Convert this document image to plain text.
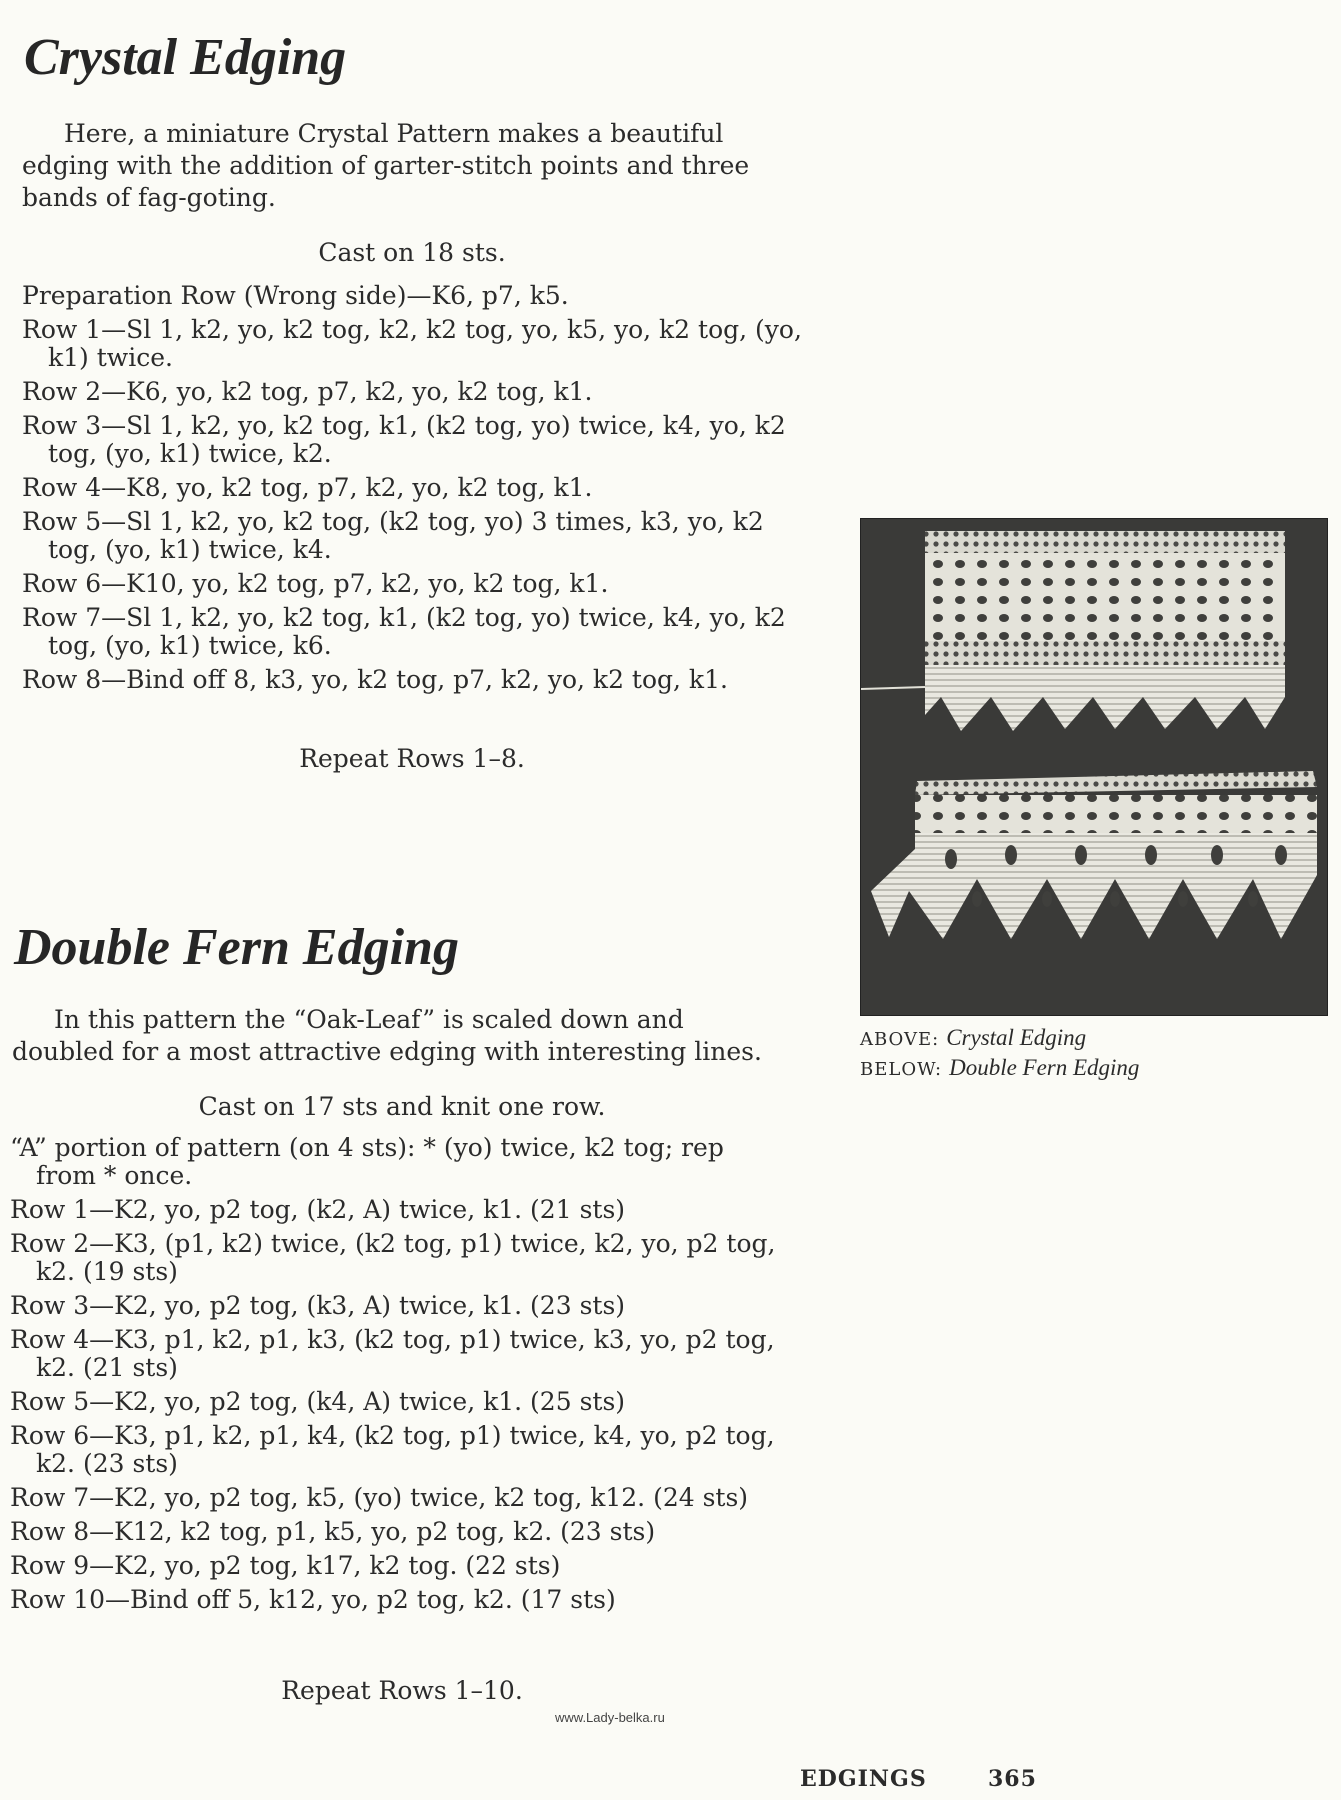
Crystal Edging

Here, a miniature Crystal Pattern makes a beautiful edging with the addition of garter-stitch points and three bands of fag-goting.

Cast on 18 sts.

Preparation Row (Wrong side)—K6, p7, k5.
Row 1—Sl 1, k2, yo, k2 tog, k2, k2 tog, yo, k5, yo, k2 tog, (yo, k1) twice.
Row 2—K6, yo, k2 tog, p7, k2, yo, k2 tog, k1.
Row 3—Sl 1, k2, yo, k2 tog, k1, (k2 tog, yo) twice, k4, yo, k2 tog, (yo, k1) twice, k2.
Row 4—K8, yo, k2 tog, p7, k2, yo, k2 tog, k1.
Row 5—Sl 1, k2, yo, k2 tog, (k2 tog, yo) 3 times, k3, yo, k2 tog, (yo, k1) twice, k4.
Row 6—K10, yo, k2 tog, p7, k2, yo, k2 tog, k1.
Row 7—Sl 1, k2, yo, k2 tog, k1, (k2 tog, yo) twice, k4, yo, k2 tog, (yo, k1) twice, k6.
Row 8—Bind off 8, k3, yo, k2 tog, p7, k2, yo, k2 tog, k1.

Repeat Rows 1–8.

Double Fern Edging

In this pattern the “Oak-Leaf” is scaled down and doubled for a most attractive edging with interesting lines.

Cast on 17 sts and knit one row.

“A” portion of pattern (on 4 sts): * (yo) twice, k2 tog; rep from * once.
Row 1—K2, yo, p2 tog, (k2, A) twice, k1. (21 sts)
Row 2—K3, (p1, k2) twice, (k2 tog, p1) twice, k2, yo, p2 tog, k2. (19 sts)
Row 3—K2, yo, p2 tog, (k3, A) twice, k1. (23 sts)
Row 4—K3, p1, k2, p1, k3, (k2 tog, p1) twice, k3, yo, p2 tog, k2. (21 sts)
Row 5—K2, yo, p2 tog, (k4, A) twice, k1. (25 sts)
Row 6—K3, p1, k2, p1, k4, (k2 tog, p1) twice, k4, yo, p2 tog, k2. (23 sts)
Row 7—K2, yo, p2 tog, k5, (yo) twice, k2 tog, k12. (24 sts)
Row 8—K12, k2 tog, p1, k5, yo, p2 tog, k2. (23 sts)
Row 9—K2, yo, p2 tog, k17, k2 tog. (22 sts)
Row 10—Bind off 5, k12, yo, p2 tog, k2. (17 sts)

Repeat Rows 1–10.

ABOVE: Crystal Edging

BELOW: Double Fern Edging

www.Lady-belka.ru
EDGINGS	365
